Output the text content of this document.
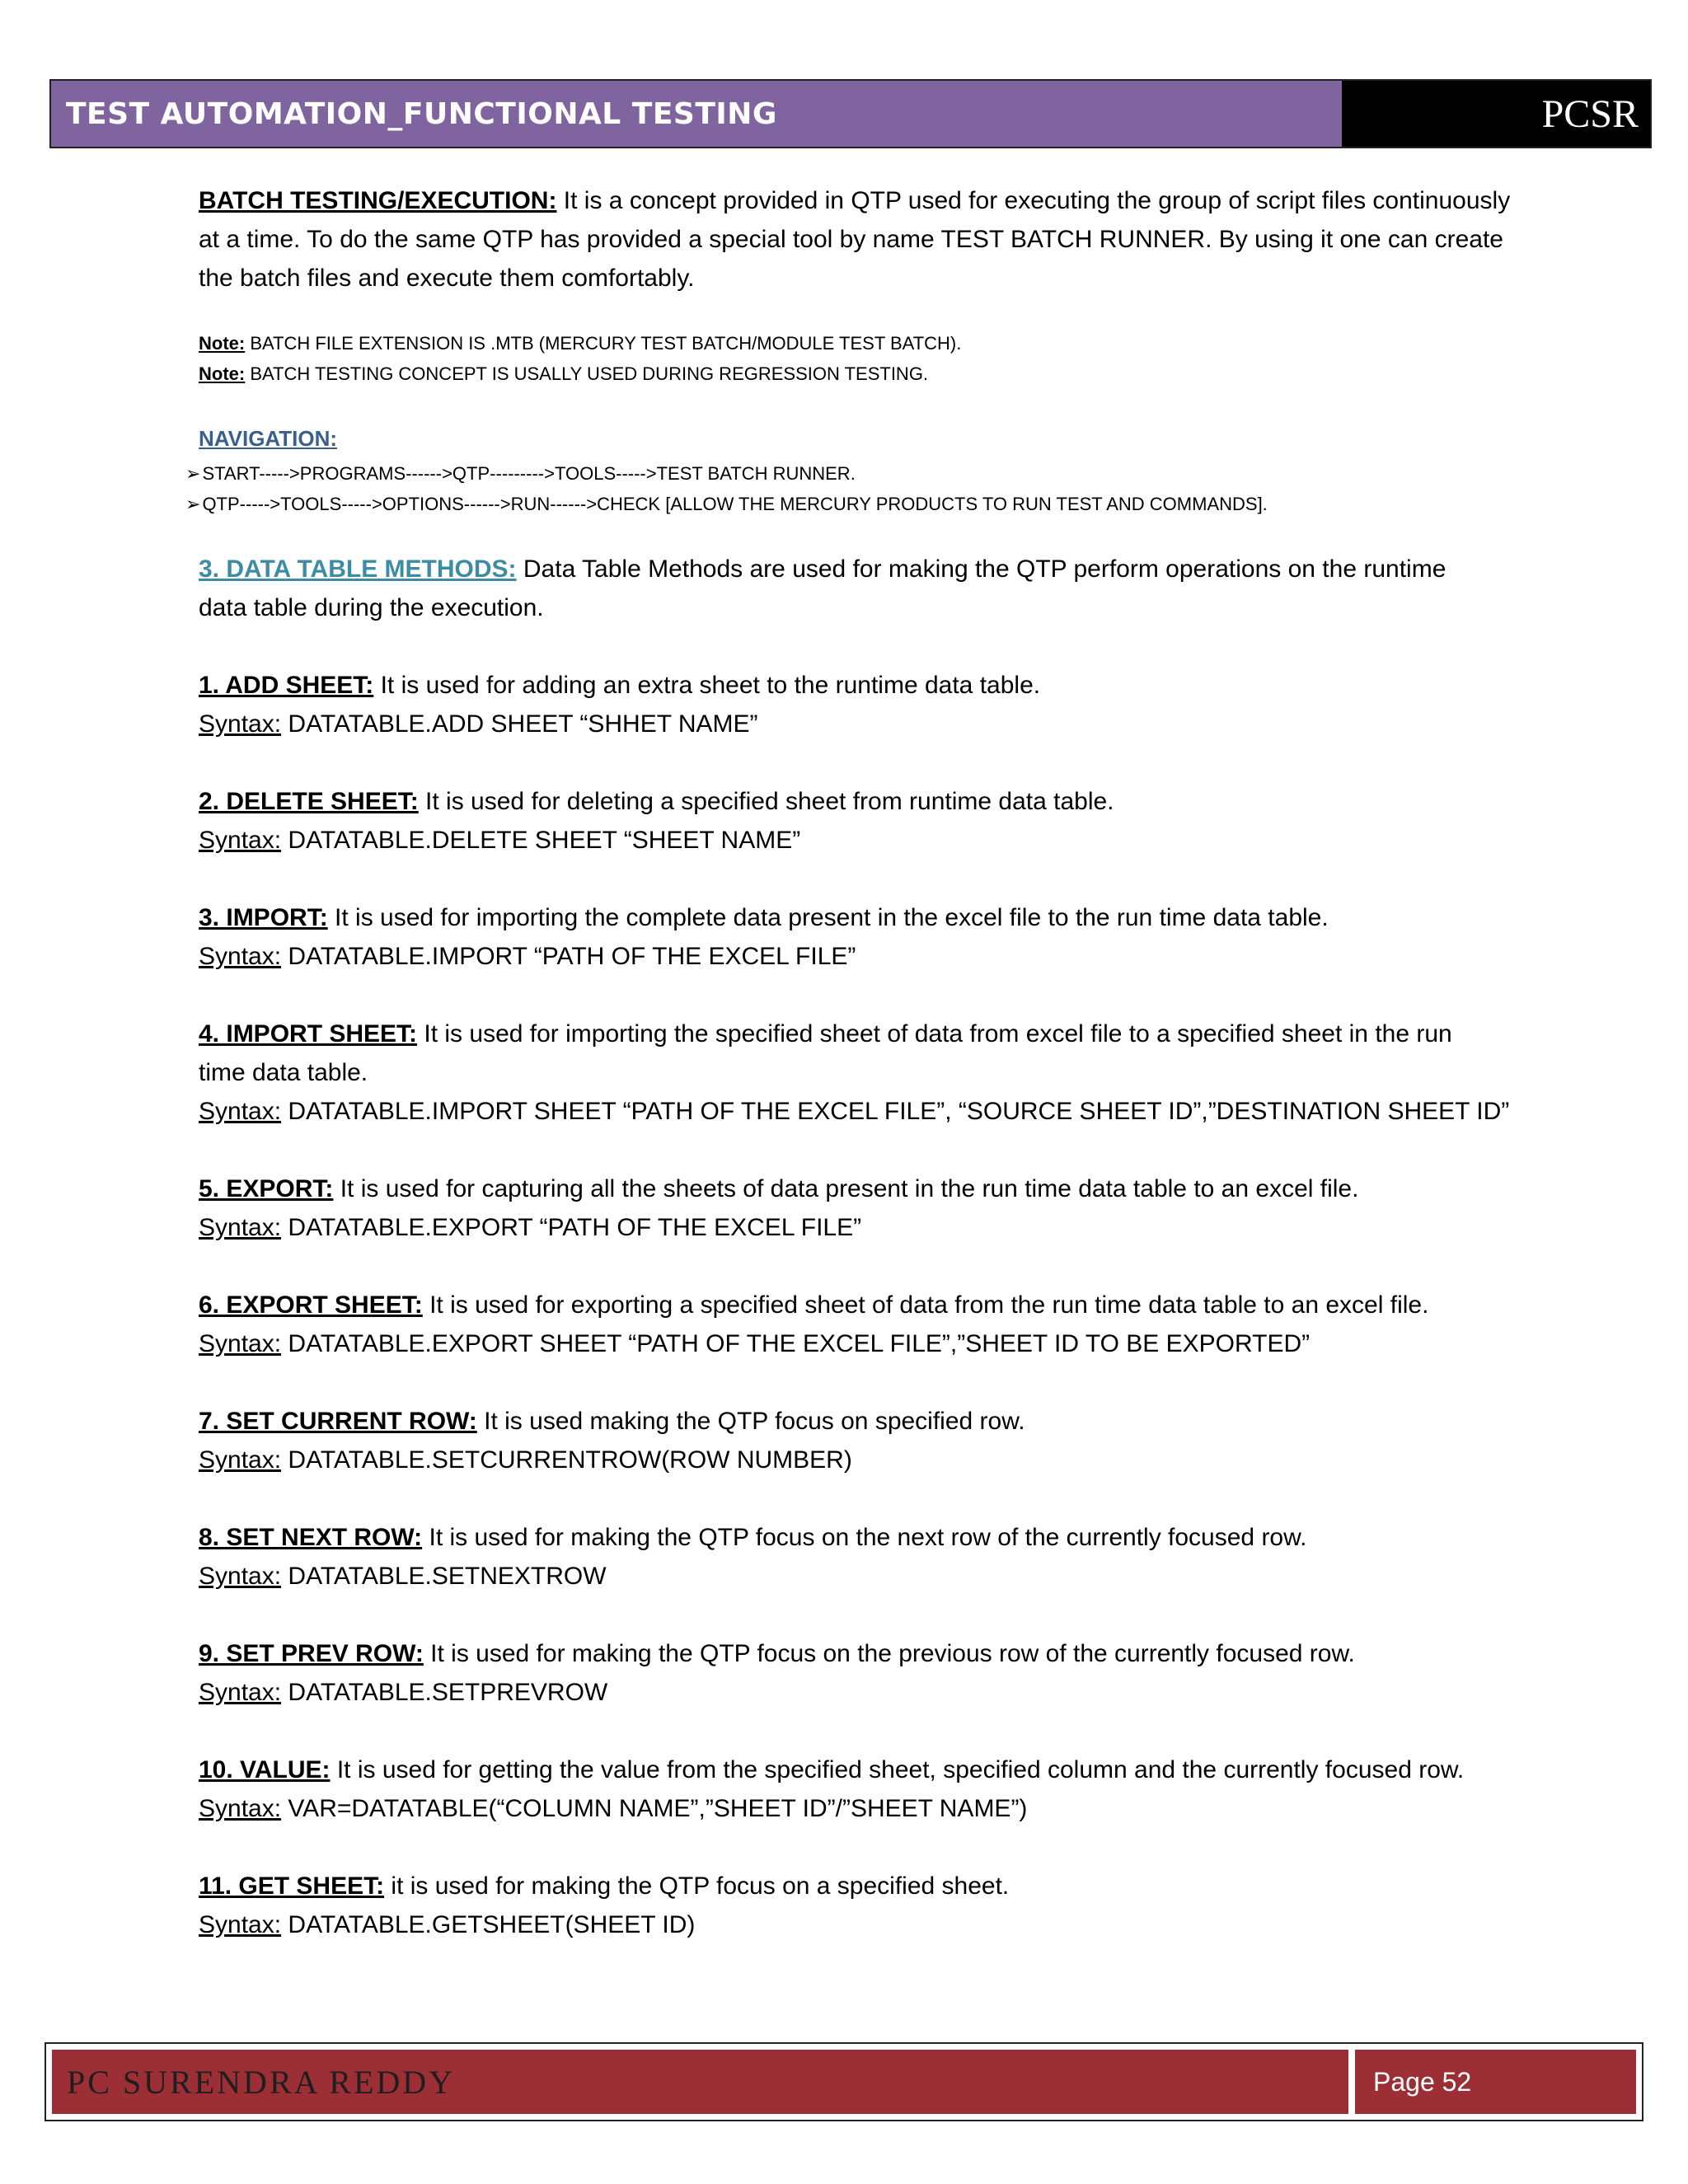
TEST AUTOMATION_FUNCTIONAL TESTING	PCSR

BATCH TESTING/EXECUTION: It is a concept provided in QTP used for executing the group of script files continuously

at a time. To do the same QTP has provided a special tool by name TEST BATCH RUNNER. By using it one can create

the batch files and execute them comfortably.

Note: BATCH FILE EXTENSION IS .MTB (MERCURY TEST BATCH/MODULE TEST BATCH).

Note: BATCH TESTING CONCEPT IS USALLY USED DURING REGRESSION TESTING.

NAVIGATION:

➢ START----->PROGRAMS------>QTP--------->TOOLS----->TEST BATCH RUNNER.
➢ QTP----->TOOLS----->OPTIONS------>RUN------>CHECK [ALLOW THE MERCURY PRODUCTS TO RUN TEST AND COMMANDS].

3. DATA TABLE METHODS: Data Table Methods are used for making the QTP perform operations on the runtime

data table during the execution.

1. ADD SHEET: It is used for adding an extra sheet to the runtime data table.

Syntax: DATATABLE.ADD SHEET “SHHET NAME”

2. DELETE SHEET: It is used for deleting a specified sheet from runtime data table.

Syntax: DATATABLE.DELETE SHEET “SHEET NAME”

3. IMPORT: It is used for importing the complete data present in the excel file to the run time data table.

Syntax: DATATABLE.IMPORT “PATH OF THE EXCEL FILE”

4. IMPORT SHEET: It is used for importing the specified sheet of data from excel file to a specified sheet in the run

time data table.

Syntax: DATATABLE.IMPORT SHEET “PATH OF THE EXCEL FILE”, “SOURCE SHEET ID”,”DESTINATION SHEET ID”

5. EXPORT: It is used for capturing all the sheets of data present in the run time data table to an excel file.

Syntax: DATATABLE.EXPORT “PATH OF THE EXCEL FILE”

6. EXPORT SHEET: It is used for exporting a specified sheet of data from the run time data table to an excel file.

Syntax: DATATABLE.EXPORT SHEET “PATH OF THE EXCEL FILE”,”SHEET ID TO BE EXPORTED”

7. SET CURRENT ROW: It is used making the QTP focus on specified row.

Syntax: DATATABLE.SETCURRENTROW(ROW NUMBER)

8. SET NEXT ROW: It is used for making the QTP focus on the next row of the currently focused row.

Syntax: DATATABLE.SETNEXTROW

9. SET PREV ROW: It is used for making the QTP focus on the previous row of the currently focused row.

Syntax: DATATABLE.SETPREVROW

10. VALUE: It is used for getting the value from the specified sheet, specified column and the currently focused row.

Syntax: VAR=DATATABLE(“COLUMN NAME”,”SHEET ID”/”SHEET NAME”)

11. GET SHEET: it is used for making the QTP focus on a specified sheet.

Syntax: DATATABLE.GETSHEET(SHEET ID)

PC SURENDRA REDDY	Page 52
